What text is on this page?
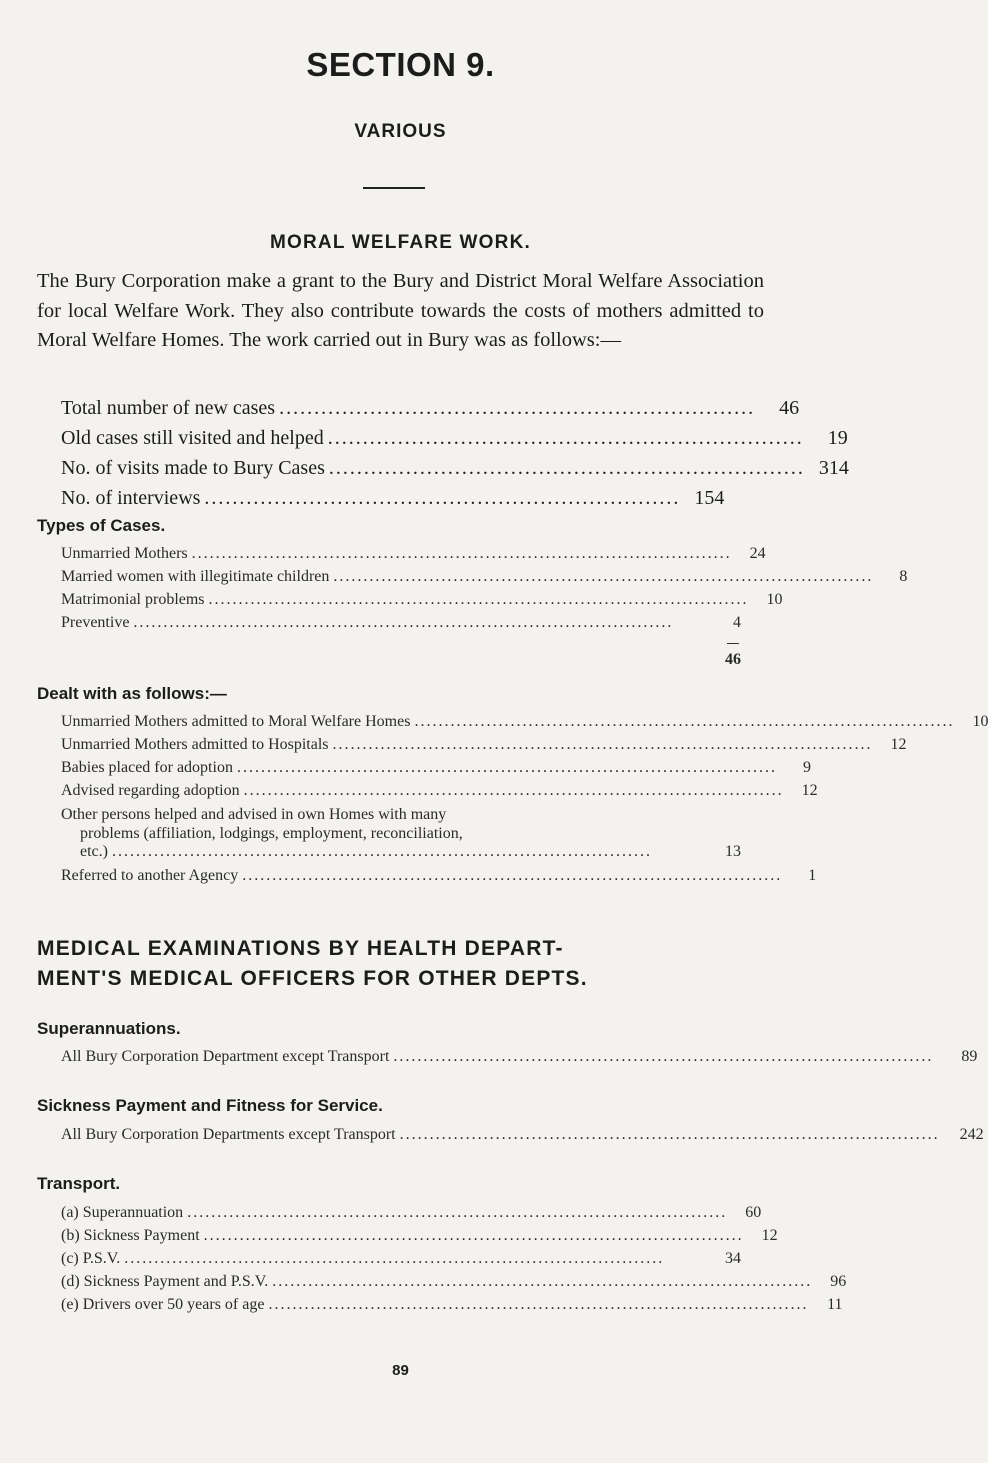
SECTION 9.
VARIOUS
MORAL WELFARE WORK.
The Bury Corporation make a grant to the Bury and District Moral Welfare Association for local Welfare Work. They also contribute towards the costs of mothers admitted to Moral Welfare Homes. The work carried out in Bury was as follows:—
Total number of new cases ....................................................................	46
Old cases still visited and helped ....................................................................	19
No. of visits made to Bury Cases .................................................................... 314
No. of interviews .................................................................... 154
Types of Cases.
Unmarried Mothers ..........................................................................................	24
Married women with illegitimate children ..........................................................................................	8
Matrimonial problems ..........................................................................................	10
Preventive ..........................................................................................	4
46
Dealt with as follows:—
Unmarried Mothers admitted to Moral Welfare Homes ..........................................................................................	10
Unmarried Mothers admitted to Hospitals ..........................................................................................	12
Babies placed for adoption ..........................................................................................	9
Advised regarding adoption ..........................................................................................	12
Other persons helped and advised in own Homes with many
problems (affiliation, lodgings, employment, reconciliation,
etc.) ..........................................................................................	13
Referred to another Agency ..........................................................................................	1
MEDICAL EXAMINATIONS BY HEALTH DEPART-
MENT'S MEDICAL OFFICERS FOR OTHER DEPTS.
Superannuations.
All Bury Corporation Department except Transport ..........................................................................................	89
Sickness Payment and Fitness for Service.
All Bury Corporation Departments except Transport ..........................................................................................	242
Transport.
(a) Superannuation ..........................................................................................	60
(b) Sickness Payment ..........................................................................................	12
(c) P.S.V. ..........................................................................................	34
(d) Sickness Payment and P.S.V. ..........................................................................................	96
(e) Drivers over 50 years of age ..........................................................................................	11
89
